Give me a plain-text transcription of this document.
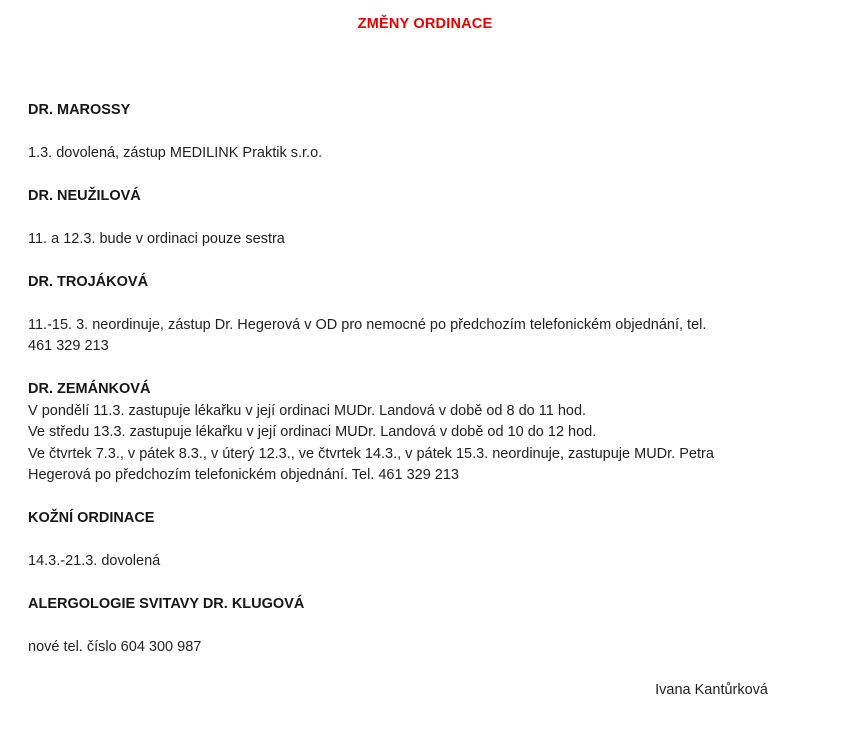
ZMĚNY ORDINACE
DR. MAROSSY
1.3. dovolená, zástup MEDILINK Praktik s.r.o.
DR. NEUŽILOVÁ
11. a 12.3. bude v ordinaci pouze sestra
DR. TROJÁKOVÁ
11.-15. 3. neordinuje, zástup Dr. Hegerová v OD pro nemocné po předchozím telefonickém objednání, tel.
461 329 213
DR. ZEMÁNKOVÁ
V pondělí 11.3. zastupuje lékařku v její ordinaci MUDr. Landová v době od 8 do 11 hod.
Ve středu 13.3. zastupuje lékařku v její ordinaci MUDr. Landová v době od 10 do 12 hod.
Ve čtvrtek 7.3., v pátek 8.3., v úterý 12.3., ve čtvrtek 14.3., v pátek 15.3. neordinuje, zastupuje MUDr. Petra
Hegerová po předchozím telefonickém objednání. Tel. 461 329 213
KOŽNÍ ORDINACE
14.3.-21.3. dovolená
ALERGOLOGIE SVITAVY DR. KLUGOVÁ
nové tel. číslo 604 300 987
Ivana Kantůrková
